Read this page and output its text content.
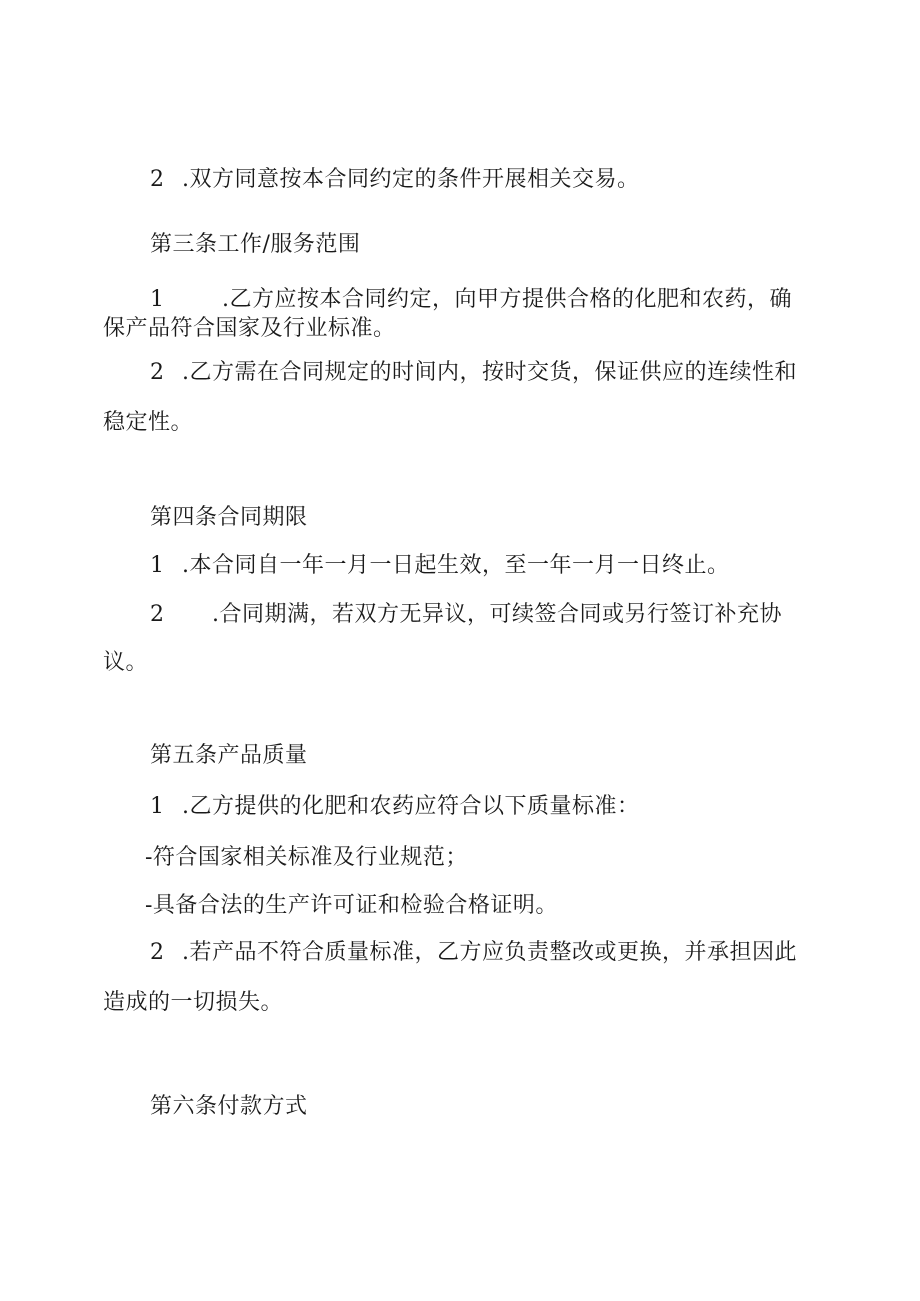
2 .双方同意按本合同约定的条件开展相关交易。
第三条工作/服务范围
1	.乙方应按本合同约定，向甲方提供合格的化肥和农药，确
保产品符合国家及行业标准。
2 .乙方需在合同规定的时间内，按时交货，保证供应的连续性和
稳定性。
第四条合同期限
1 .本合同自一年一月一日起生效，至一年一月一日终止。
2 .合同期满，若双方无异议，可续签合同或另行签订补充协
议。
第五条产品质量
1 .乙方提供的化肥和农药应符合以下质量标准：
-符合国家相关标准及行业规范；
-具备合法的生产许可证和检验合格证明。
2 .若产品不符合质量标准，乙方应负责整改或更换，并承担因此
造成的一切损失。
第六条付款方式
